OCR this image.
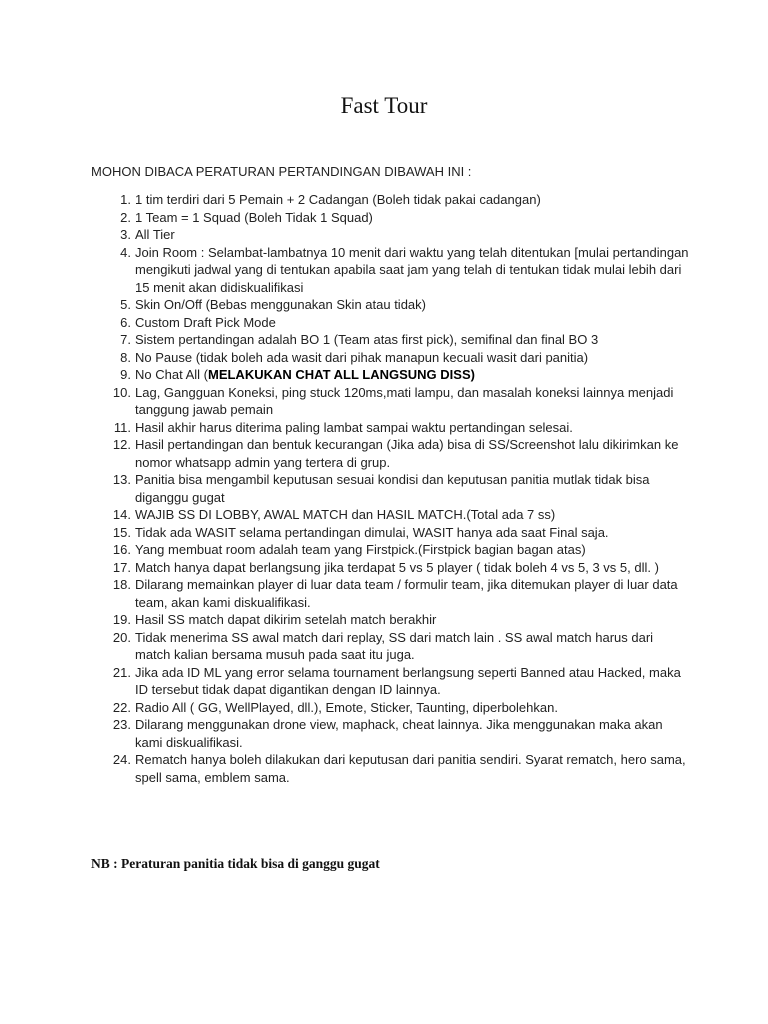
Fast Tour

MOHON DIBACA PERATURAN PERTANDINGAN DIBAWAH INI :

1. 1 tim terdiri dari 5 Pemain + 2 Cadangan (Boleh tidak pakai cadangan)
2. 1 Team = 1 Squad (Boleh Tidak 1 Squad)
3. All Tier
4. Join Room : Selambat-lambatnya 10 menit dari waktu yang telah ditentukan [mulai pertandingan mengikuti jadwal yang di tentukan apabila saat jam yang telah di tentukan tidak mulai lebih dari 15 menit akan didiskualifikasi
5. Skin On/Off (Bebas menggunakan Skin atau tidak)
6. Custom Draft Pick Mode
7. Sistem pertandingan adalah BO 1 (Team atas first pick), semifinal dan final BO 3
8. No Pause (tidak boleh ada wasit dari pihak manapun kecuali wasit dari panitia)
9. No Chat All (MELAKUKAN CHAT ALL LANGSUNG DISS)
10. Lag, Gangguan Koneksi, ping stuck 120ms,mati lampu, dan masalah koneksi lainnya menjadi tanggung jawab pemain
11. Hasil akhir harus diterima paling lambat sampai waktu pertandingan selesai.
12. Hasil pertandingan dan bentuk kecurangan (Jika ada) bisa di SS/Screenshot lalu dikirimkan ke nomor whatsapp admin yang tertera di grup.
13. Panitia bisa mengambil keputusan sesuai kondisi dan keputusan panitia mutlak tidak bisa diganggu gugat
14. WAJIB SS DI LOBBY, AWAL MATCH dan HASIL MATCH.(Total ada 7 ss)
15. Tidak ada WASIT selama pertandingan dimulai, WASIT hanya ada saat Final saja.
16. Yang membuat room adalah team yang Firstpick.(Firstpick bagian bagan atas)
17. Match hanya dapat berlangsung jika terdapat 5 vs 5 player ( tidak boleh 4 vs 5, 3 vs 5, dll. )
18. Dilarang memainkan player di luar data team / formulir team, jika ditemukan player di luar data team, akan kami diskualifikasi.
19. Hasil SS match dapat dikirim setelah match berakhir
20. Tidak menerima SS awal match dari replay, SS dari match lain . SS awal match harus dari match kalian bersama musuh pada saat itu juga.
21. Jika ada ID ML yang error selama tournament berlangsung seperti Banned atau Hacked, maka ID tersebut tidak dapat digantikan dengan ID lainnya.
22. Radio All ( GG, WellPlayed, dll.), Emote, Sticker, Taunting, diperbolehkan.
23. Dilarang menggunakan drone view, maphack, cheat lainnya. Jika menggunakan maka akan kami diskualifikasi.
24. Rematch hanya boleh dilakukan dari keputusan dari panitia sendiri. Syarat rematch, hero sama, spell sama, emblem sama.

NB : Peraturan panitia tidak bisa di ganggu gugat
